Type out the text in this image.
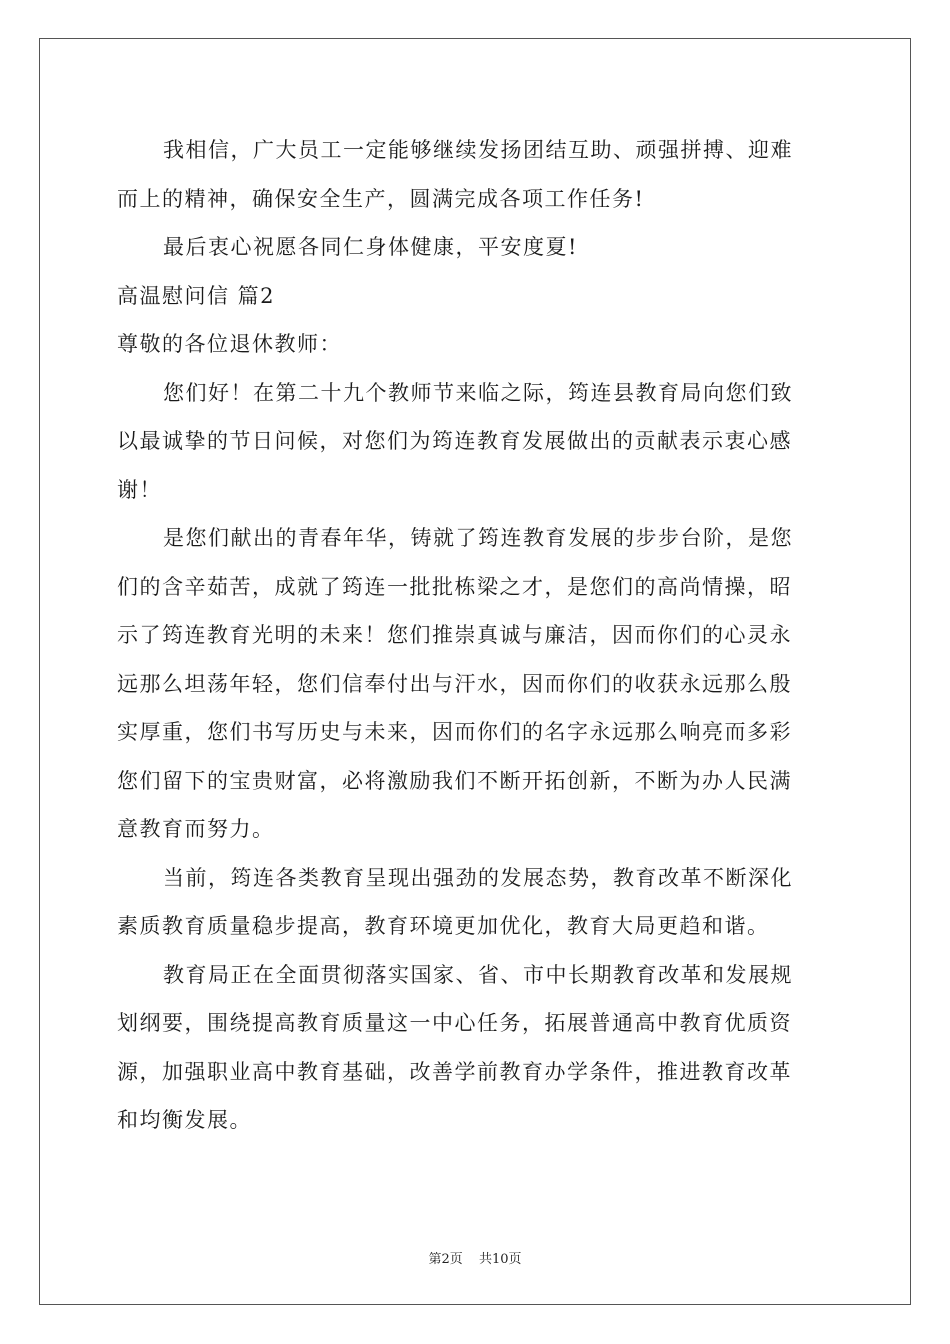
我相信，广大员工一定能够继续发扬团结互助、顽强拼搏、迎难
而上的精神，确保安全生产，圆满完成各项工作任务!
最后衷心祝愿各同仁身体健康，平安度夏!
高温慰问信 篇2
尊敬的各位退休教师：
您们好！在第二十九个教师节来临之际，筠连县教育局向您们致
以最诚挚的节日问候，对您们为筠连教育发展做出的贡献表示衷心感
谢！
是您们献出的青春年华，铸就了筠连教育发展的步步台阶，是您
们的含辛茹苦，成就了筠连一批批栋梁之才，是您们的高尚情操，昭
示了筠连教育光明的未来！您们推崇真诚与廉洁，因而你们的心灵永
远那么坦荡年轻，您们信奉付出与汗水，因而你们的收获永远那么殷
实厚重，您们书写历史与未来，因而你们的名字永远那么响亮而多彩
您们留下的宝贵财富，必将激励我们不断开拓创新，不断为办人民满
意教育而努力。
当前，筠连各类教育呈现出强劲的发展态势，教育改革不断深化
素质教育质量稳步提高，教育环境更加优化，教育大局更趋和谐。
教育局正在全面贯彻落实国家、省、市中长期教育改革和发展规
划纲要，围绕提高教育质量这一中心任务，拓展普通高中教育优质资
源，加强职业高中教育基础，改善学前教育办学条件，推进教育改革
和均衡发展。
第2页 共10页
